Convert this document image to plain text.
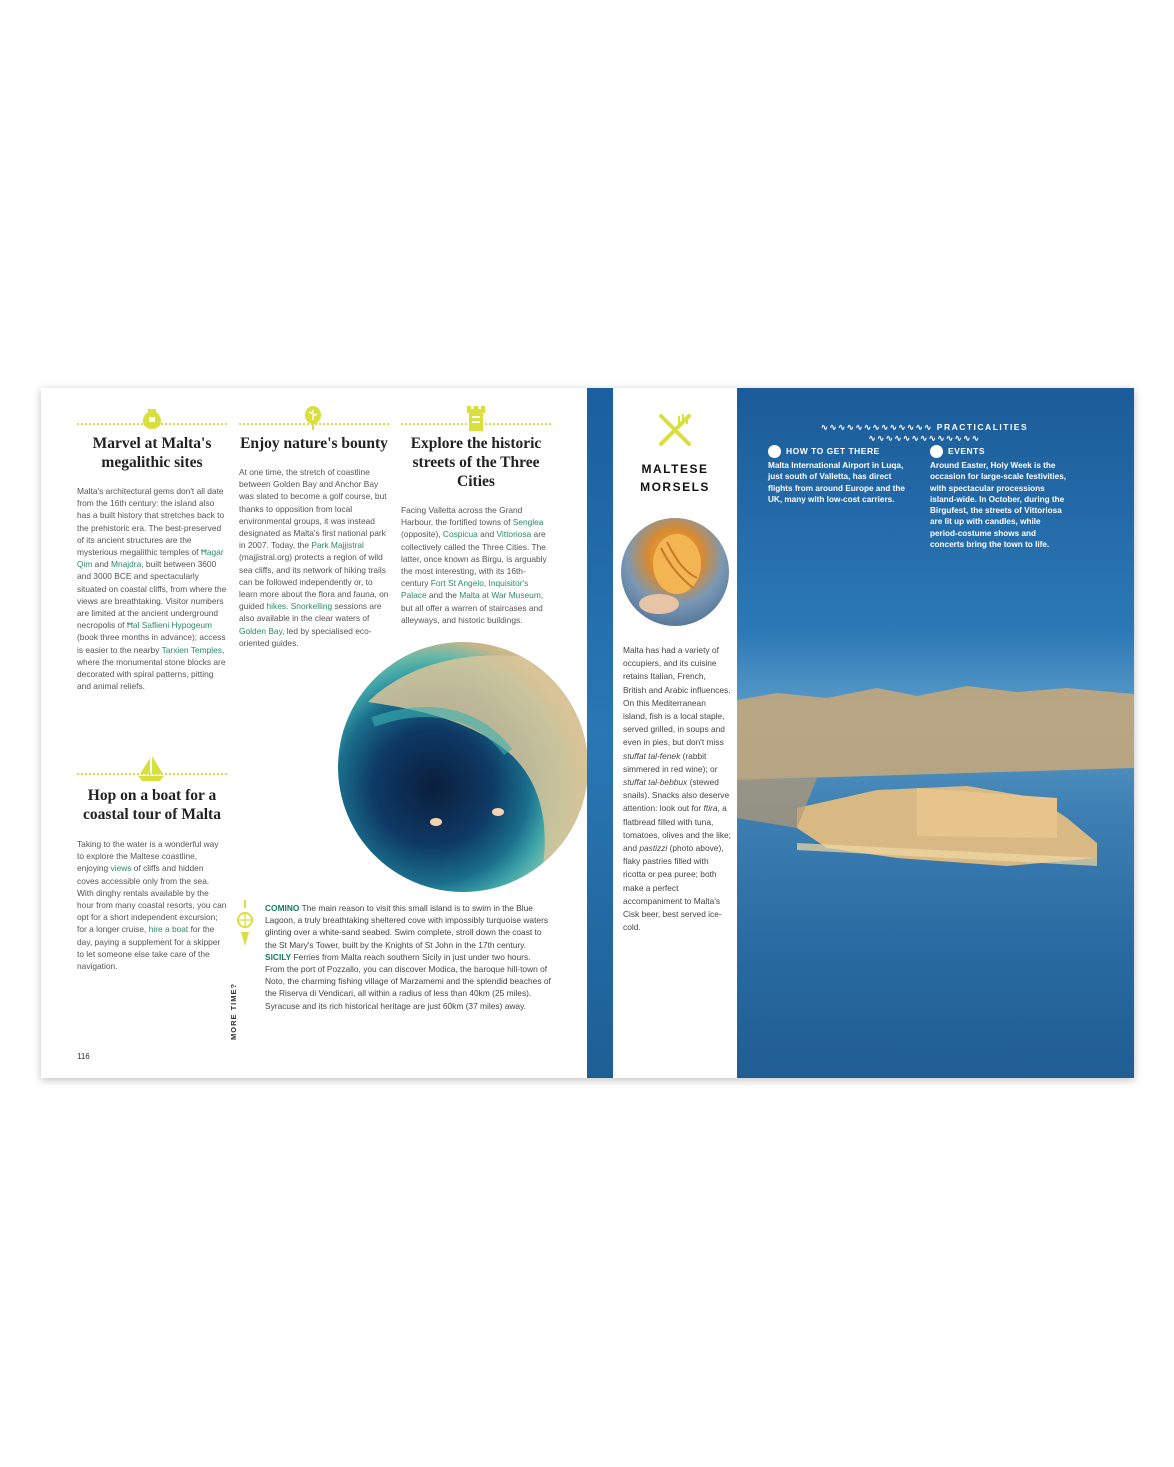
Marvel at Malta's megalithic sites

Malta's architectural gems don't all date from the 16th century: the island also has a built history that stretches back to the prehistoric era. The best-preserved of its ancient structures are the mysterious megalithic temples of Ħagar Qim and Mnajdra, built between 3600 and 3000 BCE and spectacularly situated on coastal cliffs, from where the views are breathtaking. Visitor numbers are limited at the ancient underground necropolis of Ħal Saflieni Hypogeum (book three months in advance); access is easier to the nearby Tarxien Temples, where the monumental stone blocks are decorated with spiral patterns, pitting and animal reliefs.

Enjoy nature's bounty

At one time, the stretch of coastline between Golden Bay and Anchor Bay was slated to become a golf course, but thanks to opposition from local environmental groups, it was instead designated as Malta's first national park in 2007. Today, the Park Majjistral (majjistral.org) protects a region of wild sea cliffs, and its network of hiking trails can be followed independently or, to learn more about the flora and fauna, on guided hikes. Snorkelling sessions are also available in the clear waters of Golden Bay, led by specialised eco-oriented guides.

Explore the historic streets of the Three Cities

Facing Valletta across the Grand Harbour, the fortified towns of Senglea (opposite), Cospicua and Vittoriosa are collectively called the Three Cities. The latter, once known as Birgu, is arguably the most interesting, with its 16th-century Fort St Angelo, Inquisitor's Palace and the Malta at War Museum, but all offer a warren of staircases and alleyways, and historic buildings.

Hop on a boat for a coastal tour of Malta

Taking to the water is a wonderful way to explore the Maltese coastline, enjoying views of cliffs and hidden coves accessible only from the sea. With dinghy rentals available by the hour from many coastal resorts, you can opt for a short independent excursion; for a longer cruise, hire a boat for the day, paying a supplement for a skipper to let someone else take care of the navigation.

MORE TIME?

COMINO The main reason to visit this small island is to swim in the Blue Lagoon, a truly breathtaking sheltered cove with impossibly turquoise waters glinting over a white-sand seabed. Swim complete, stroll down the coast to the St Mary's Tower, built by the Knights of St John in the 17th century.

SICILY Ferries from Malta reach southern Sicily in just under two hours. From the port of Pozzallo, you can discover Modica, the baroque hill-town of Noto, the charming fishing village of Marzamemi and the splendid beaches of the Riserva di Vendicari, all within a radius of less than 40km (25 miles). Syracuse and its rich historical heritage are just 60km (37 miles) away.

116
MALTESE
MORSELS

Malta has had a variety of occupiers, and its cuisine retains Italian, French, British and Arabic influences. On this Mediterranean island, fish is a local staple, served grilled, in soups and even in pies, but don't miss stuffat tal-fenek (rabbit simmered in red wine); or stuffat tal-bebbux (stewed snails). Snacks also deserve attention: look out for ftira, a flatbread filled with tuna, tomatoes, olives and the like; and pastizzi (photo above), flaky pastries filled with ricotta or pea puree; both make a perfect accompaniment to Malta's Cisk beer, best served ice-cold.

∿∿∿∿∿∿∿∿∿∿∿∿∿ PRACTICALITIES ∿∿∿∿∿∿∿∿∿∿∿∿∿

HOW TO GET THERE

Malta International Airport in Luqa, just south of Valletta, has direct flights from around Europe and the UK, many with low-cost carriers.

EVENTS

Around Easter, Holy Week is the occasion for large-scale festivities, with spectacular processions island-wide. In October, during the Birgufest, the streets of Vittoriosa are lit up with candles, while period-costume shows and concerts bring the town to life.
